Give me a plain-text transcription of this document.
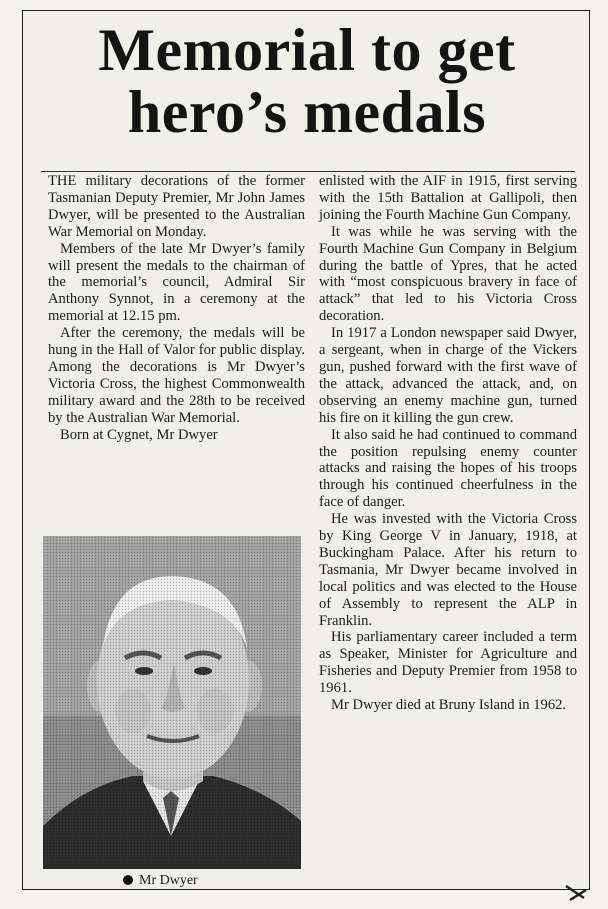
Memorial to get
hero’s medals

THE military decorations of the former Tasmanian Deputy Premier, Mr John James Dwyer, will be presented to the Australian War Memorial on Monday.

Members of the late Mr Dwyer’s family will present the medals to the chairman of the memorial’s council, Admiral Sir Anthony Synnot, in a ceremony at the memorial at 12.15 pm.

After the ceremony, the medals will be hung in the Hall of Valor for public display. Among the decorations is Mr Dwyer’s Victoria Cross, the highest Commonwealth military award and the 28th to be received by the Australian War Memorial.

Born at Cygnet, Mr Dwyer

Mr Dwyer

enlisted with the AIF in 1915, first serving with the 15th Battalion at Gallipoli, then joining the Fourth Machine Gun Company.

It was while he was serving with the Fourth Machine Gun Company in Belgium during the battle of Ypres, that he acted with “most conspicuous bravery in face of attack” that led to his Victoria Cross decoration.

In 1917 a London newspaper said Dwyer, a sergeant, when in charge of the Vickers gun, pushed forward with the first wave of the attack, advanced the attack, and, on observing an enemy machine gun, turned his fire on it killing the gun crew.

It also said he had continued to command the position repulsing enemy counter attacks and raising the hopes of his troops through his continued cheerfulness in the face of danger.

He was invested with the Victoria Cross by King George V in January, 1918, at Buckingham Palace. After his return to Tasmania, Mr Dwyer became involved in local politics and was elected to the House of Assembly to represent the ALP in Franklin.

His parliamentary career included a term as Speaker, Minister for Agriculture and Fisheries and Deputy Premier from 1958 to 1961.

Mr Dwyer died at Bruny Island in 1962.
